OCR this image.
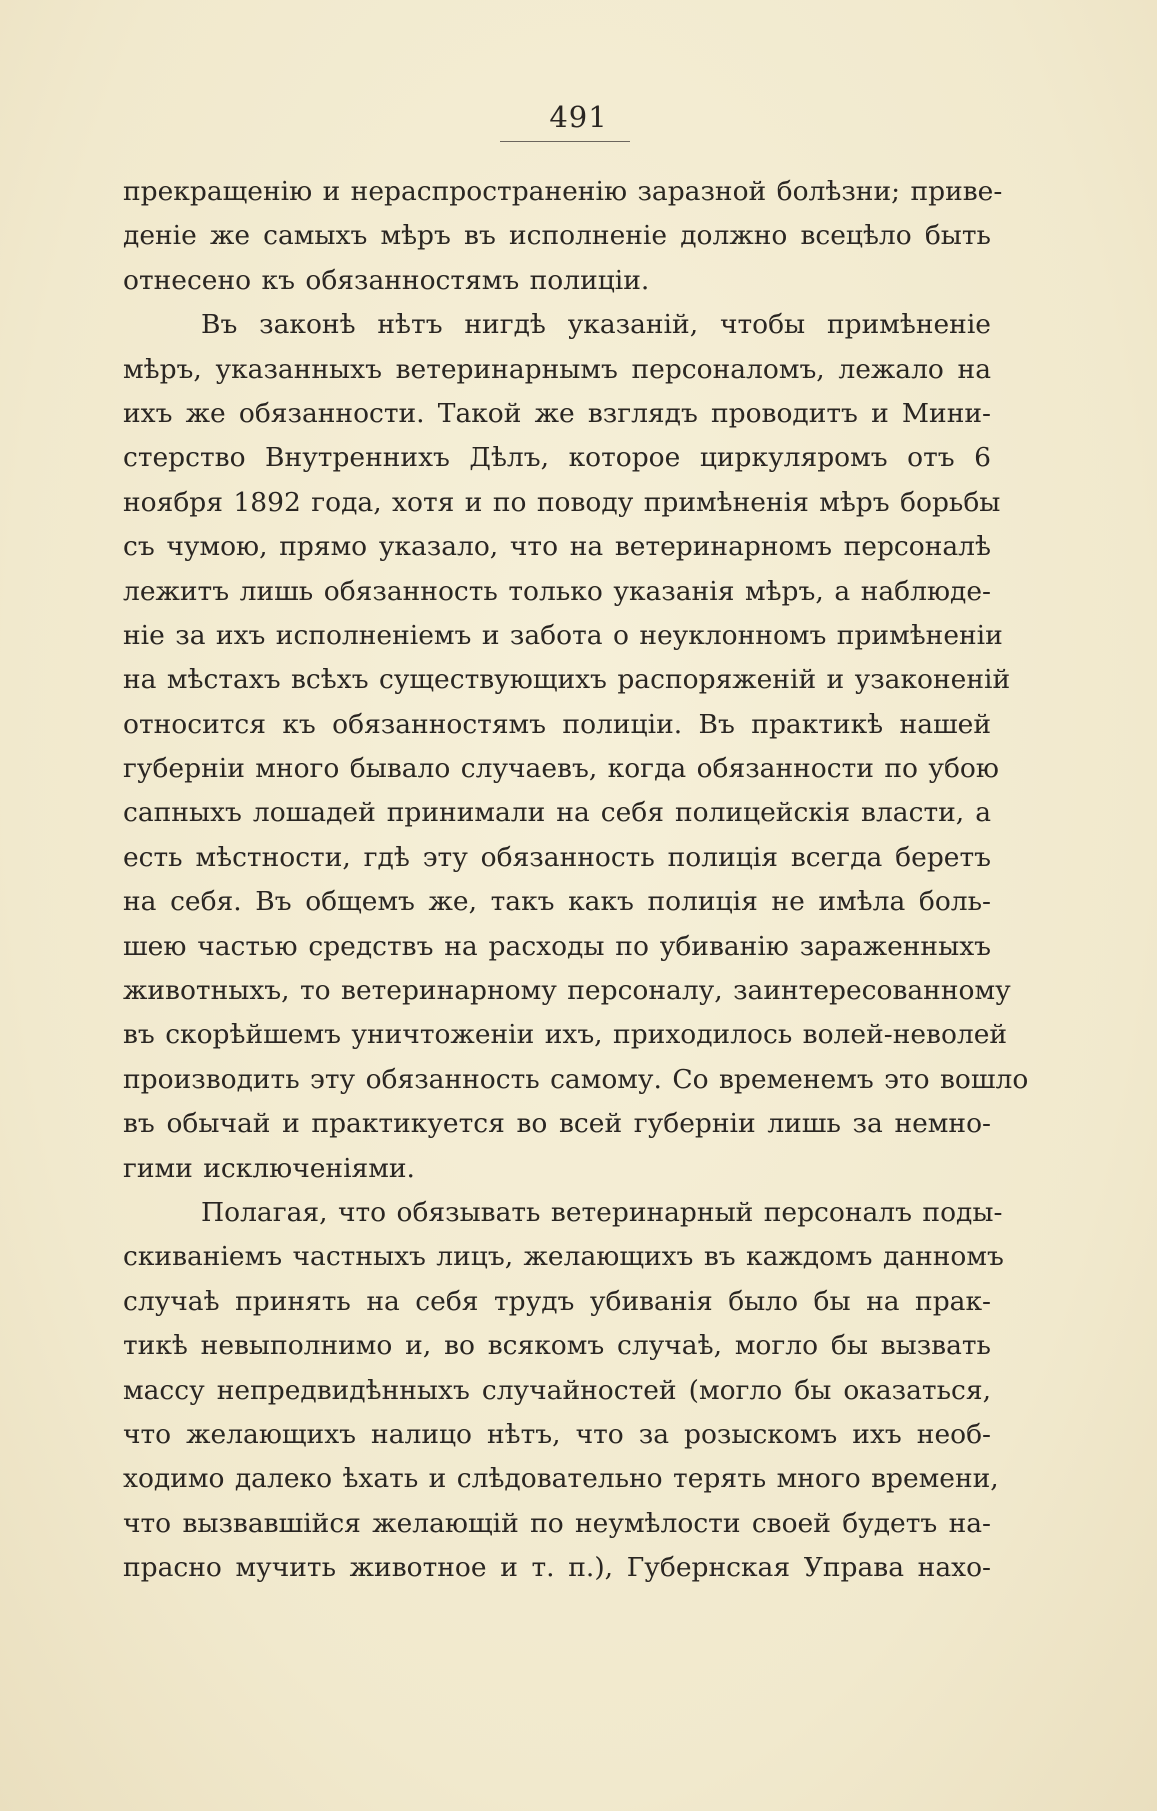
491
прекращенію и нераспространенію заразной болѣзни; приве-
деніе же самыхъ мѣръ въ исполненіе должно всецѣло быть
отнесено къ обязанностямъ полиціи.
Въ законѣ нѣтъ нигдѣ указаній, чтобы примѣненіе
мѣръ, указанныхъ ветеринарнымъ персоналомъ, лежало на
ихъ же обязанности. Такой же взглядъ проводитъ и Мини-
стерство Внутреннихъ Дѣлъ, которое циркуляромъ отъ 6
ноября 1892 года, хотя и по поводу примѣненія мѣръ борьбы
съ чумою, прямо указало, что на ветеринарномъ персоналѣ
лежитъ лишь обязанность только указанія мѣръ, а наблюде-
ніе за ихъ исполненіемъ и забота о неуклонномъ примѣненіи
на мѣстахъ всѣхъ существующихъ распоряженій и узаконеній
относится къ обязанностямъ полиціи. Въ практикѣ нашей
губерніи много бывало случаевъ, когда обязанности по убою
сапныхъ лошадей принимали на себя полицейскія власти, а
есть мѣстности, гдѣ эту обязанность полиція всегда беретъ
на себя. Въ общемъ же, такъ какъ полиція не имѣла боль-
шею частью средствъ на расходы по убиванію зараженныхъ
животныхъ, то ветеринарному персоналу, заинтересованному
въ скорѣйшемъ уничтоженіи ихъ, приходилось волей-неволей
производить эту обязанность самому. Со временемъ это вошло
въ обычай и практикуется во всей губерніи лишь за немно-
гими исключеніями.
Полагая, что обязывать ветеринарный персоналъ поды-
скиваніемъ частныхъ лицъ, желающихъ въ каждомъ данномъ
случаѣ принять на себя трудъ убиванія было бы на прак-
тикѣ невыполнимо и, во всякомъ случаѣ, могло бы вызвать
массу непредвидѣнныхъ случайностей (могло бы оказаться,
что желающихъ налицо нѣтъ, что за розыскомъ ихъ необ-
ходимо далеко ѣхать и слѣдовательно терять много времени,
что вызвавшійся желающій по неумѣлости своей будетъ на-
прасно мучить животное и т. п.), Губернская Управа нахо-
